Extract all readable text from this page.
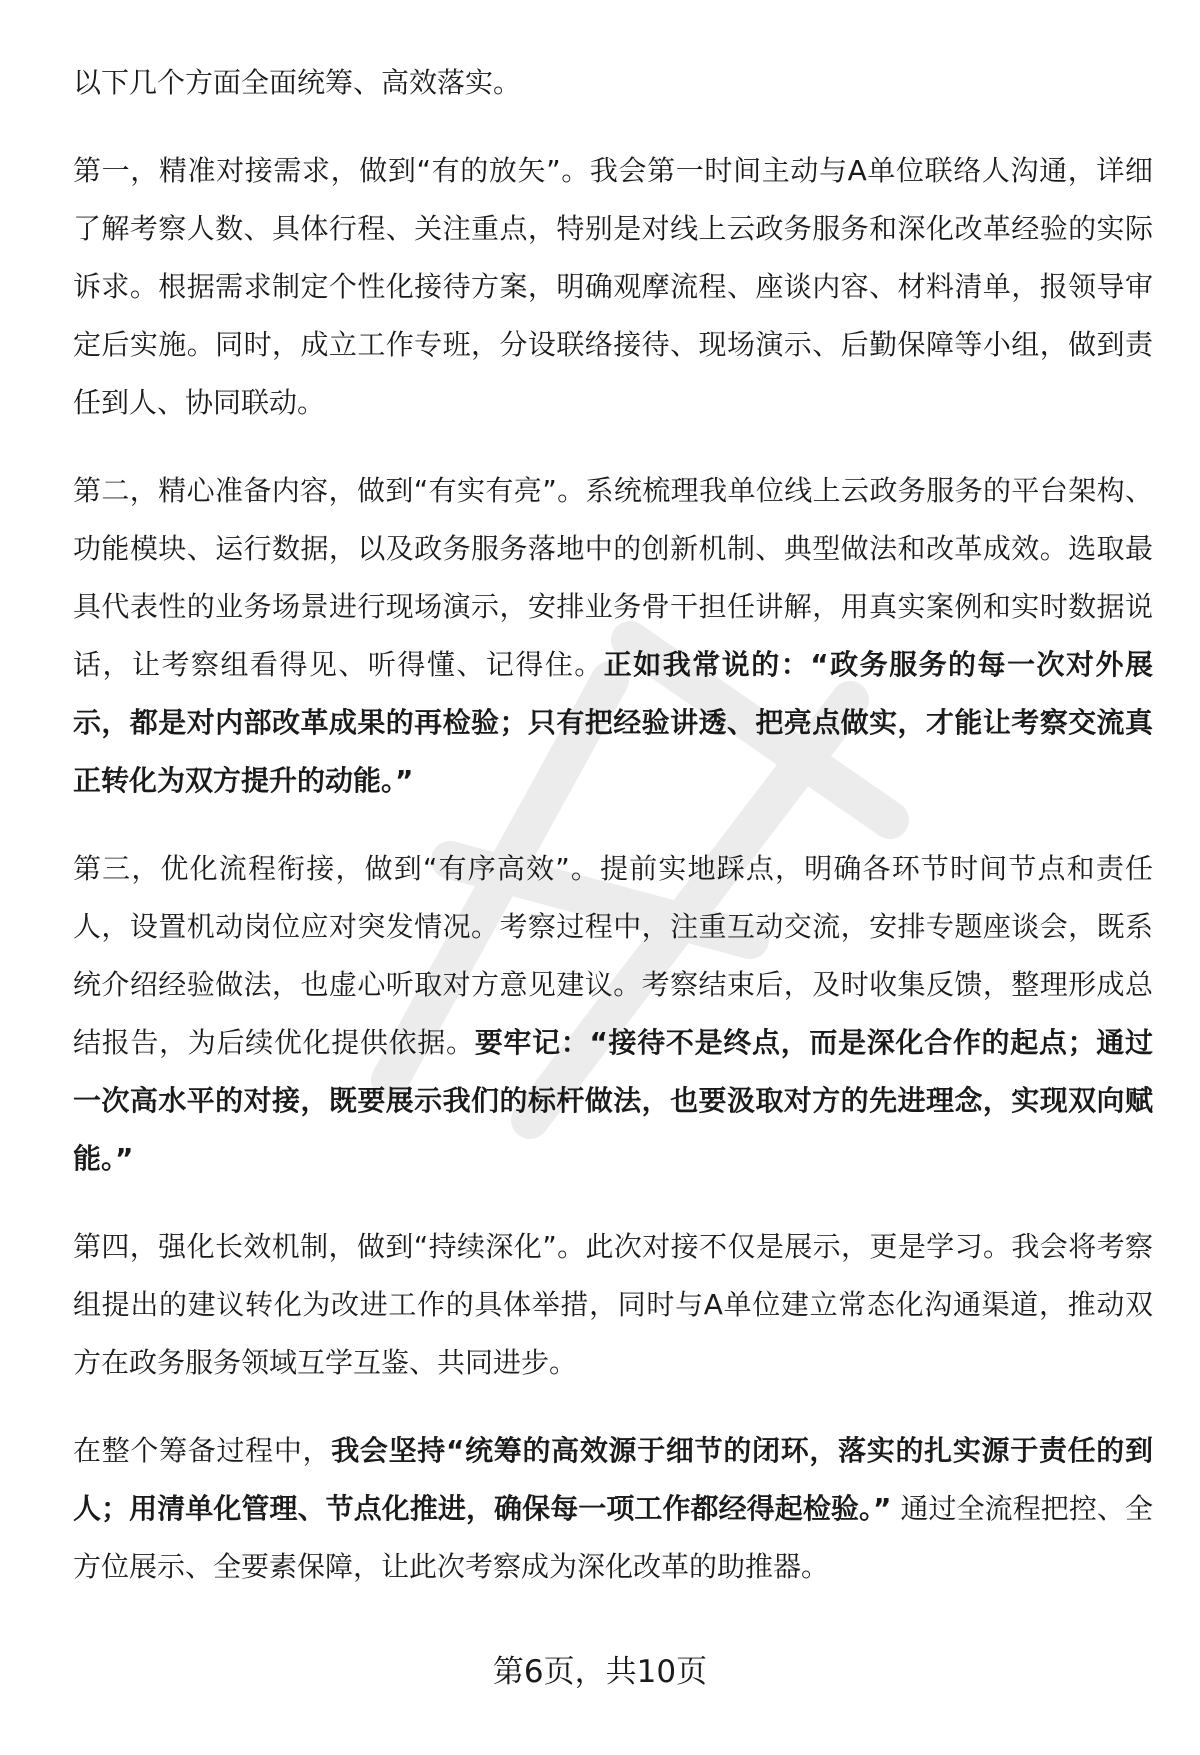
以下几个方面全面统筹、高效落实。

第一，精准对接需求，做到“有的放矢”。我会第一时间主动与A单位联络人沟通，详细了解考察人数、具体行程、关注重点，特别是对线上云政务服务和深化改革经验的实际诉求。根据需求制定个性化接待方案，明确观摩流程、座谈内容、材料清单，报领导审定后实施。同时，成立工作专班，分设联络接待、现场演示、后勤保障等小组，做到责任到人、协同联动。

第二，精心准备内容，做到“有实有亮”。系统梳理我单位线上云政务服务的平台架构、功能模块、运行数据，以及政务服务落地中的创新机制、典型做法和改革成效。选取最具代表性的业务场景进行现场演示，安排业务骨干担任讲解，用真实案例和实时数据说话，让考察组看得见、听得懂、记得住。正如我常说的：“政务服务的每一次对外展示，都是对内部改革成果的再检验；只有把经验讲透、把亮点做实，才能让考察交流真正转化为双方提升的动能。”

第三，优化流程衔接，做到“有序高效”。提前实地踩点，明确各环节时间节点和责任人，设置机动岗位应对突发情况。考察过程中，注重互动交流，安排专题座谈会，既系统介绍经验做法，也虚心听取对方意见建议。考察结束后，及时收集反馈，整理形成总结报告，为后续优化提供依据。要牢记：“接待不是终点，而是深化合作的起点；通过一次高水平的对接，既要展示我们的标杆做法，也要汲取对方的先进理念，实现双向赋能。”

第四，强化长效机制，做到“持续深化”。此次对接不仅是展示，更是学习。我会将考察组提出的建议转化为改进工作的具体举措，同时与A单位建立常态化沟通渠道，推动双方在政务服务领域互学互鉴、共同进步。

在整个筹备过程中，我会坚持“统筹的高效源于细节的闭环，落实的扎实源于责任的到人；用清单化管理、节点化推进，确保每一项工作都经得起检验。” 通过全流程把控、全方位展示、全要素保障，让此次考察成为深化改革的助推器。

第6页，共10页
